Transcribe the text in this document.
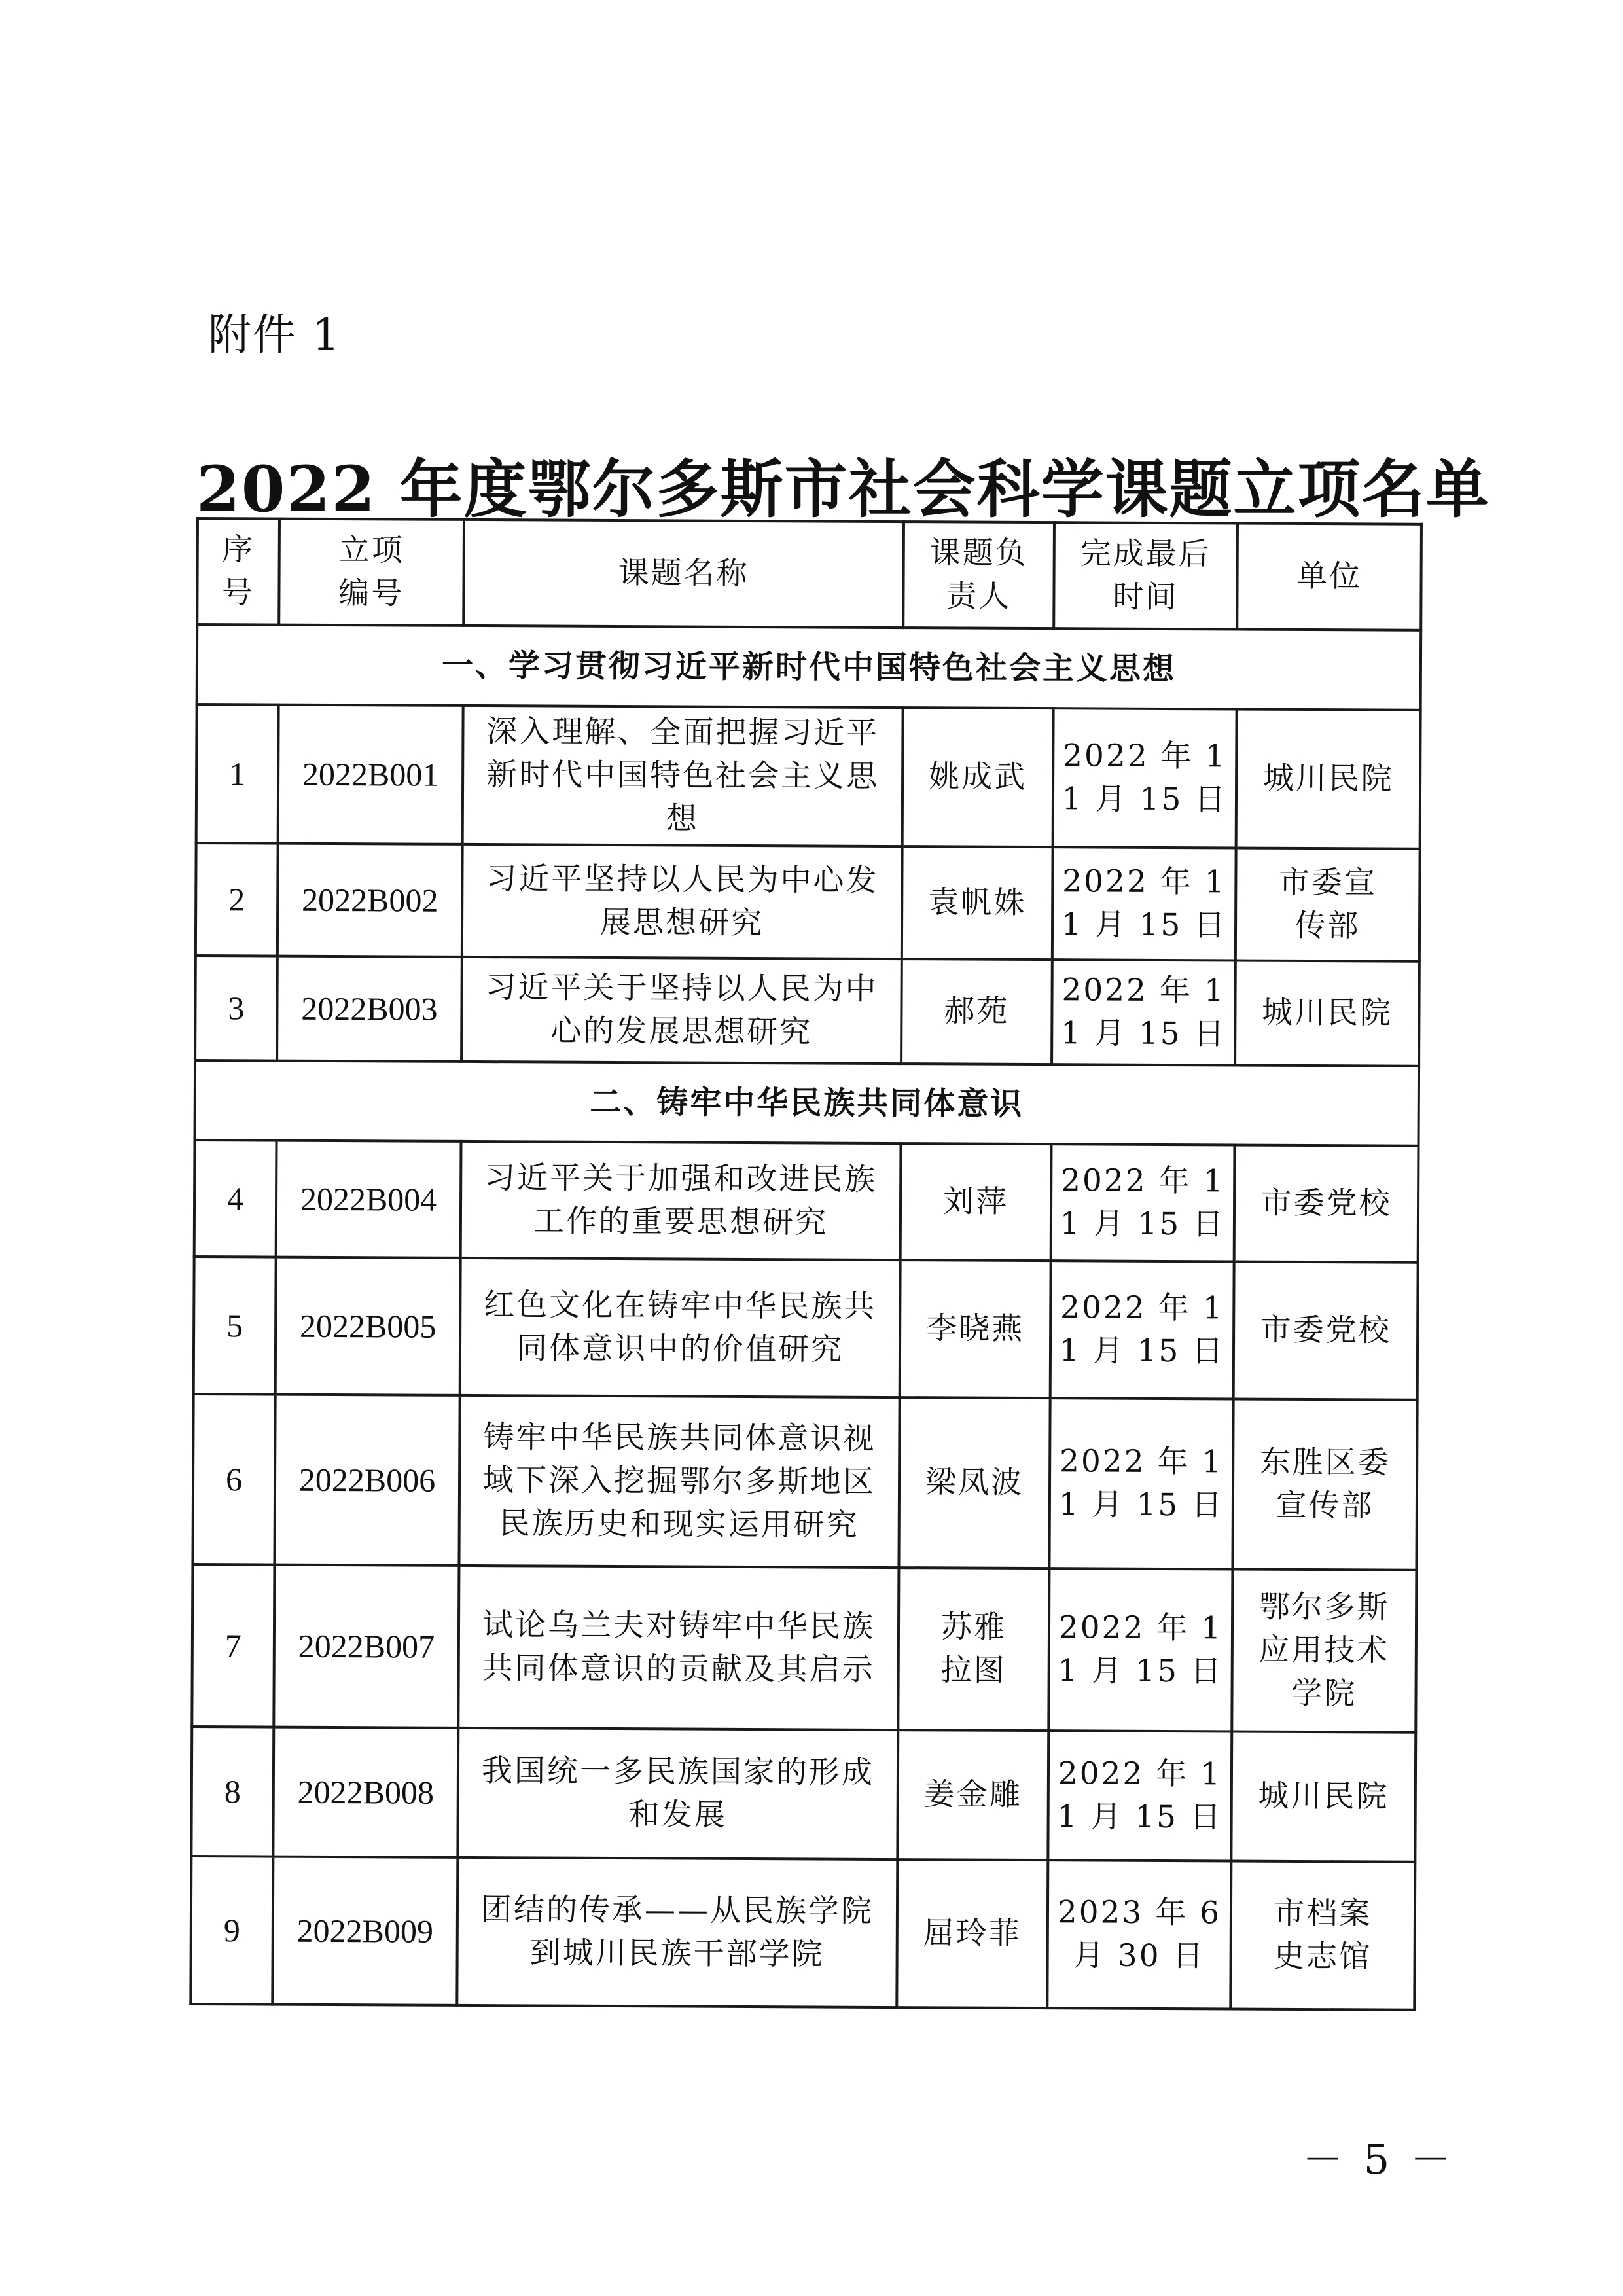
附件 1
2022 年度鄂尔多斯市社会科学课题立项名单
序号	立项编号	课题名称	课题负责人	完成最后时间	单位
一、学习贯彻习近平新时代中国特色社会主义思想					
1	2022B001	深入理解、全面把握习近平新时代中国特色社会主义思想	姚成武	2022 年 11 月 15 日	城川民院
2	2022B002	习近平坚持以人民为中心发展思想研究	袁帆姝	2022 年 11 月 15 日	市委宣传部
3	2022B003	习近平关于坚持以人民为中心的发展思想研究	郝苑	2022 年 11 月 15 日	城川民院
二、铸牢中华民族共同体意识					
4	2022B004	习近平关于加强和改进民族工作的重要思想研究	刘萍	2022 年 11 月 15 日	市委党校
5	2022B005	红色文化在铸牢中华民族共同体意识中的价值研究	李晓燕	2022 年 11 月 15 日	市委党校
6	2022B006	铸牢中华民族共同体意识视域下深入挖掘鄂尔多斯地区民族历史和现实运用研究	梁凤波	2022 年 11 月 15 日	东胜区委宣传部
7	2022B007	试论乌兰夫对铸牢中华民族共同体意识的贡献及其启示	苏雅拉图	2022 年 11 月 15 日	鄂尔多斯应用技术学院
8	2022B008	我国统一多民族国家的形成和发展	姜金雕	2022 年 11 月 15 日	城川民院
9	2022B009	团结的传承——从民族学院到城川民族干部学院	屈玲菲	2023 年 6 月 30 日	市档案史志馆
－ 5 －
